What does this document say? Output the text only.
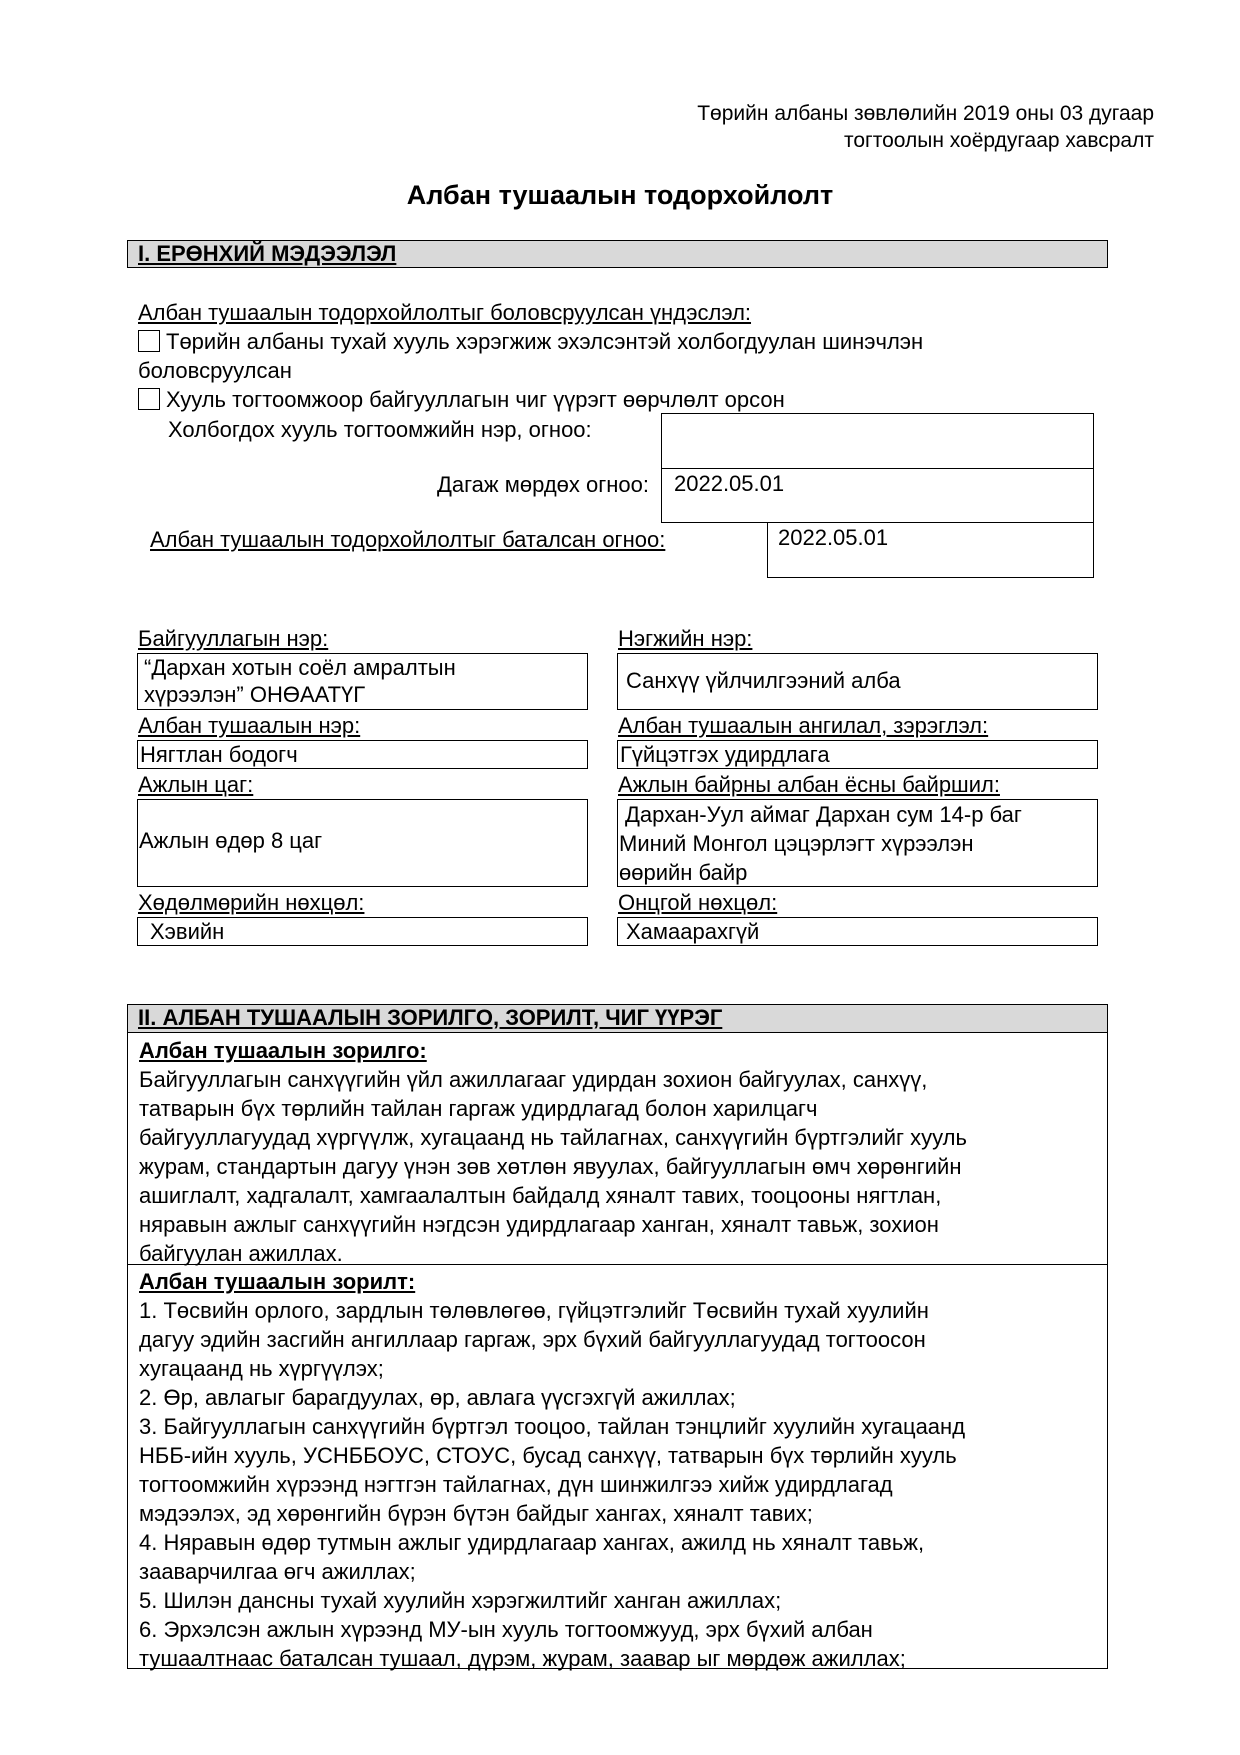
Төрийн албаны зөвлөлийн 2019 оны 03 дугаар
тогтоолын хоёрдугаар хавсралт
Албан тушаалын тодорхойлолт
I. ЕРӨНХИЙ МЭДЭЭЛЭЛ
Албан тушаалын тодорхойлолтыг боловсруулсан үндэслэл:
Төрийн албаны тухай хууль хэрэгжиж эхэлсэнтэй холбогдуулан шинэчлэн
боловсруулсан
Хууль тогтоомжоор байгууллагын чиг үүрэгт өөрчлөлт орсон
Холбогдох хууль тогтоомжийн нэр, огноо:
Дагаж мөрдөх огноо:	2022.05.01
Албан тушаалын тодорхойлолтыг баталсан огноо:	2022.05.01
Байгууллагын нэр:
“Дархан хотын соёл амралтын
хүрээлэн” ОНӨААТҮГ
Нэгжийн нэр:
Санхүү үйлчилгээний алба
Албан тушаалын нэр:
Нягтлан бодогч
Албан тушаалын ангилал, зэрэглэл:
Гүйцэтгэх удирдлага
Ажлын цаг:
Ажлын өдөр 8 цаг
Ажлын байрны албан ёсны байршил:
Дархан-Уул аймаг Дархан сум 14-р баг
Миний Монгол цэцэрлэгт хүрээлэн
өөрийн байр
Хөдөлмөрийн нөхцөл:
Хэвийн
Онцгой нөхцөл:
Хамаарахгүй
II. АЛБАН ТУШААЛЫН ЗОРИЛГО, ЗОРИЛТ, ЧИГ ҮҮРЭГ
Албан тушаалын зорилго:
Байгууллагын санхүүгийн үйл ажиллагааг удирдан зохион байгуулах, санхүү,
татварын бүх төрлийн тайлан гаргаж удирдлагад болон харилцагч
байгууллагуудад хүргүүлж, хугацаанд нь тайлагнах, санхүүгийн бүртгэлийг хууль
журам, стандартын дагуу үнэн зөв хөтлөн явуулах, байгууллагын өмч хөрөнгийн
ашиглалт, хадгалалт, хамгаалалтын байдалд хяналт тавих, тооцооны нягтлан,
няравын ажлыг санхүүгийн нэгдсэн удирдлагаар ханган, хяналт тавьж, зохион
байгуулан ажиллах.
Албан тушаалын зорилт:
1. Төсвийн орлого, зардлын төлөвлөгөө, гүйцэтгэлийг Төсвийн тухай хуулийн
дагуу эдийн засгийн ангиллаар гаргаж, эрх бүхий байгууллагуудад тогтоосон
хугацаанд нь хүргүүлэх;
2. Өр, авлагыг барагдуулах, өр, авлага үүсгэхгүй ажиллах;
3. Байгууллагын санхүүгийн бүртгэл тооцоо, тайлан тэнцлийг хуулийн хугацаанд
НББ-ийн хууль, УСНББОУС, СТОУС, бусад санхүү, татварын бүх төрлийн хууль
тогтоомжийн хүрээнд нэгтгэн тайлагнах, дүн шинжилгээ хийж удирдлагад
мэдээлэх, эд хөрөнгийн бүрэн бүтэн байдыг хангах, хяналт тавих;
4. Няравын өдөр тутмын ажлыг удирдлагаар хангах, ажилд нь хяналт тавьж,
зааварчилгаа өгч ажиллах;
5. Шилэн дансны тухай хуулийн хэрэгжилтийг ханган ажиллах;
6. Эрхэлсэн ажлын хүрээнд МУ-ын хууль тогтоомжууд, эрх бүхий албан
тушаалтнаас баталсан тушаал, дүрэм, журам, заавар ыг мөрдөж ажиллах;
